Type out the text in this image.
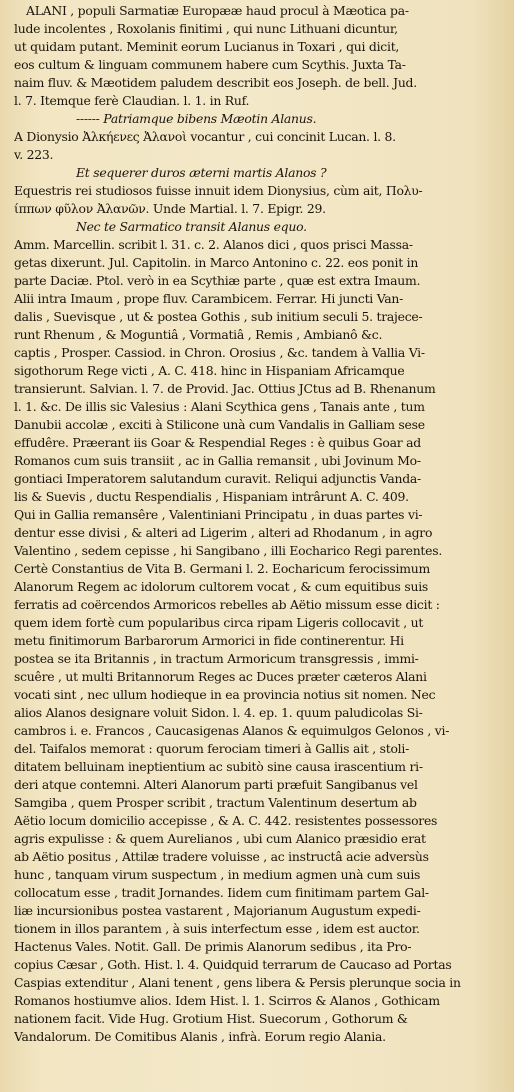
ALANI , populi Sarmatiæ Europææ haud procul à Mæotica pa-
lude incolentes , Roxolanis finitimi , qui nunc Lithuani dicuntur,
ut quidam putant. Meminit eorum Lucianus in Toxari , qui dicit,
eos cultum & linguam communem habere cum Scythis. Juxta Ta-
naim fluv. & Mæotidem paludem describit eos Joseph. de bell. Jud.
l. 7. Itemque ferè Claudian. l. 1. in Ruf.
------ Patriamque bibens Mæotin Alanus.
A Dionysio Ἀλκήενες Ἀλανοὶ vocantur , cui concinit Lucan. l. 8.
v. 223.
Et sequerer duros æterni martis Alanos ?
Equestris rei studiosos fuisse innuit idem Dionysius, cùm ait, Πολυ-
ίππων φῦλον Ἀλανῶν. Unde Martial. l. 7. Epigr. 29.
Nec te Sarmatico transit Alanus equo.
Amm. Marcellin. scribit l. 31. c. 2. Alanos dici , quos prisci Massa-
getas dixerunt. Jul. Capitolin. in Marco Antonino c. 22. eos ponit in
parte Daciæ. Ptol. verò in ea Scythiæ parte , quæ est extra Imaum.
Alii intra Imaum , prope fluv. Carambicem. Ferrar. Hi juncti Van-
dalis , Suevisque , ut & postea Gothis , sub initium seculi 5. trajece-
runt Rhenum , & Moguntiâ , Vormatiâ , Remis , Ambianô &c.
captis , Prosper. Cassiod. in Chron. Orosius , &c. tandem à Vallia Vi-
sigothorum Rege victi , A. C. 418. hinc in Hispaniam Africamque
transierunt. Salvian. l. 7. de Provid. Jac. Ottius JCtus ad B. Rhenanum
l. 1. &c. De illis sic Valesius : Alani Scythica gens , Tanais ante , tum
Danubii accolæ , exciti à Stilicone unà cum Vandalis in Galliam sese
effudêre. Præerant iis Goar & Respendial Reges : è quibus Goar ad
Romanos cum suis transiit , ac in Gallia remansit , ubi Jovinum Mo-
gontiaci Imperatorem salutandum curavit. Reliqui adjunctis Vanda-
lis & Suevis , ductu Respendialis , Hispaniam intrârunt A. C. 409.
Qui in Gallia remansêre , Valentiniani Principatu , in duas partes vi-
dentur esse divisi , & alteri ad Ligerim , alteri ad Rhodanum , in agro
Valentino , sedem cepisse , hi Sangibano , illi Eocharico Regi parentes.
Certè Constantius de Vita B. Germani l. 2. Eocharicum ferocissimum
Alanorum Regem ac idolorum cultorem vocat , & cum equitibus suis
ferratis ad coërcendos Armoricos rebelles ab Aëtio missum esse dicit :
quem idem fortè cum popularibus circa ripam Ligeris collocavit , ut
metu finitimorum Barbarorum Armorici in fide continerentur. Hi
postea se ita Britannis , in tractum Armoricum transgressis , immi-
scuêre , ut multi Britannorum Reges ac Duces præter cæteros Alani
vocati sint , nec ullum hodieque in ea provincia notius sit nomen. Nec
alios Alanos designare voluit Sidon. l. 4. ep. 1. quum paludicolas Si-
cambros i. e. Francos , Caucasigenas Alanos & equimulgos Gelonos , vi-
del. Taifalos memorat : quorum ferociam timeri à Gallis ait , stoli-
ditatem belluinam ineptientium ac subitò sine causa irascentium ri-
deri atque contemni. Alteri Alanorum parti præfuit Sangibanus vel
Samgiba , quem Prosper scribit , tractum Valentinum desertum ab
Aëtio locum domicilio accepisse , & A. C. 442. resistentes possessores
agris expulisse : & quem Aurelianos , ubi cum Alanico præsidio erat
ab Aëtio positus , Attilæ tradere voluisse , ac instructâ acie adversùs
hunc , tanquam virum suspectum , in medium agmen unà cum suis
collocatum esse , tradit Jornandes. Iidem cum finitimam partem Gal-
liæ incursionibus postea vastarent , Majorianum Augustum expedi-
tionem in illos parantem , à suis interfectum esse , idem est auctor.
Hactenus Vales. Notit. Gall. De primis Alanorum sedibus , ita Pro-
copius Cæsar , Goth. Hist. l. 4. Quidquid terrarum de Caucaso ad Portas
Caspias extenditur , Alani tenent , gens libera & Persis plerunque socia in
Romanos hostiumve alios. Idem Hist. l. 1. Scirros & Alanos , Gothicam
nationem facit. Vide Hug. Grotium Hist. Suecorum , Gothorum &
Vandalorum. De Comitibus Alanis , infrà. Eorum regio Alania.
